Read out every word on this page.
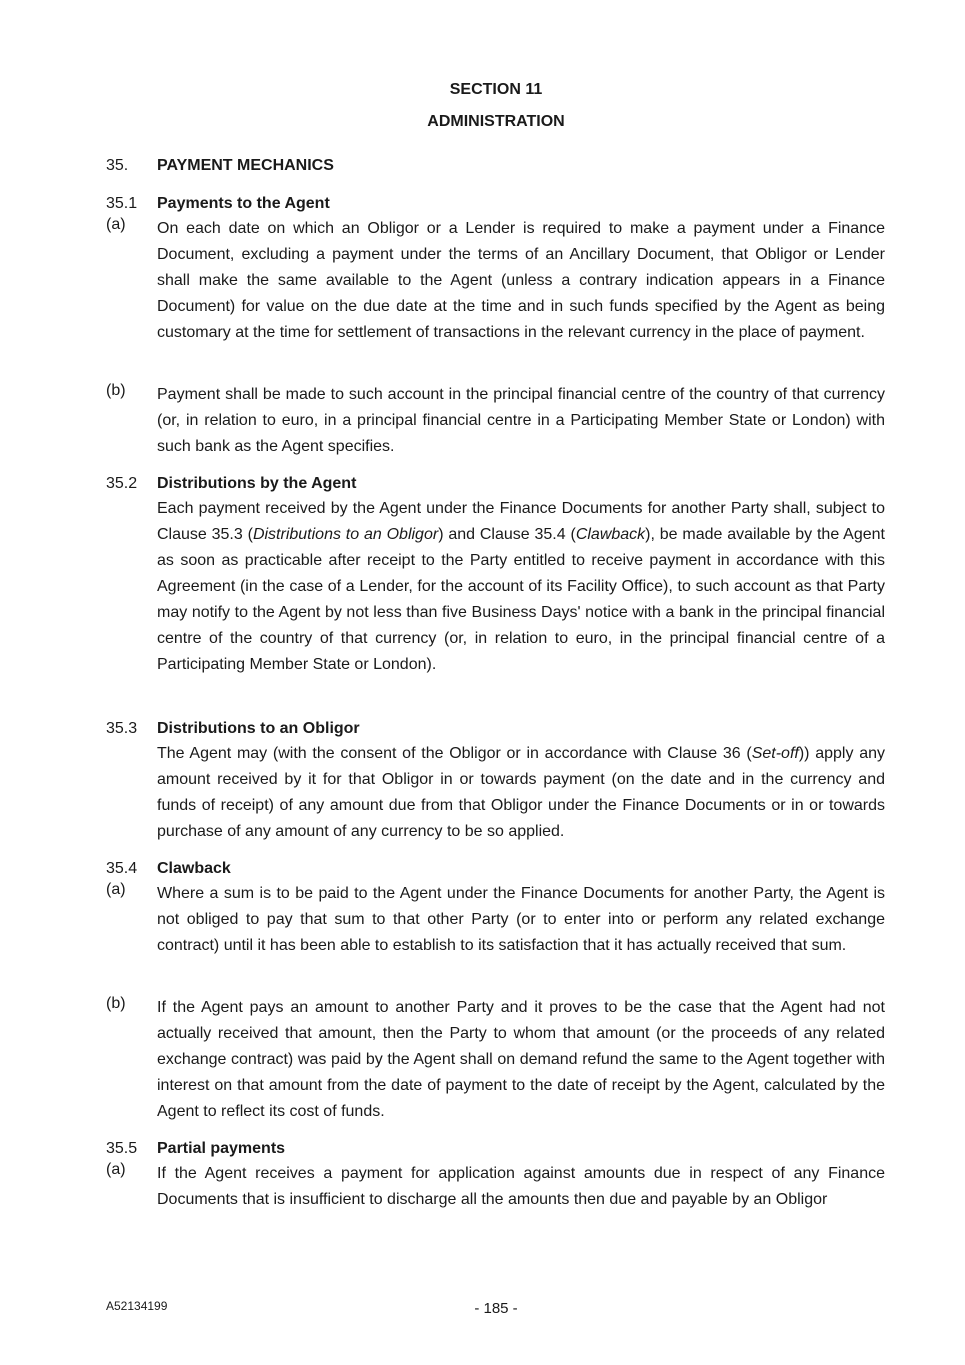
SECTION 11
ADMINISTRATION
35. PAYMENT MECHANICS
35.1 Payments to the Agent
(a) On each date on which an Obligor or a Lender is required to make a payment under a Finance Document, excluding a payment under the terms of an Ancillary Document, that Obligor or Lender shall make the same available to the Agent (unless a contrary indication appears in a Finance Document) for value on the due date at the time and in such funds specified by the Agent as being customary at the time for settlement of transactions in the relevant currency in the place of payment.
(b) Payment shall be made to such account in the principal financial centre of the country of that currency (or, in relation to euro, in a principal financial centre in a Participating Member State or London) with such bank as the Agent specifies.
35.2 Distributions by the Agent
Each payment received by the Agent under the Finance Documents for another Party shall, subject to Clause 35.3 (Distributions to an Obligor) and Clause 35.4 (Clawback), be made available by the Agent as soon as practicable after receipt to the Party entitled to receive payment in accordance with this Agreement (in the case of a Lender, for the account of its Facility Office), to such account as that Party may notify to the Agent by not less than five Business Days' notice with a bank in the principal financial centre of the country of that currency (or, in relation to euro, in the principal financial centre of a Participating Member State or London).
35.3 Distributions to an Obligor
The Agent may (with the consent of the Obligor or in accordance with Clause 36 (Set-off)) apply any amount received by it for that Obligor in or towards payment (on the date and in the currency and funds of receipt) of any amount due from that Obligor under the Finance Documents or in or towards purchase of any amount of any currency to be so applied.
35.4 Clawback
(a) Where a sum is to be paid to the Agent under the Finance Documents for another Party, the Agent is not obliged to pay that sum to that other Party (or to enter into or perform any related exchange contract) until it has been able to establish to its satisfaction that it has actually received that sum.
(b) If the Agent pays an amount to another Party and it proves to be the case that the Agent had not actually received that amount, then the Party to whom that amount (or the proceeds of any related exchange contract) was paid by the Agent shall on demand refund the same to the Agent together with interest on that amount from the date of payment to the date of receipt by the Agent, calculated by the Agent to reflect its cost of funds.
35.5 Partial payments
(a) If the Agent receives a payment for application against amounts due in respect of any Finance Documents that is insufficient to discharge all the amounts then due and payable by an Obligor
A52134199	- 185 -
